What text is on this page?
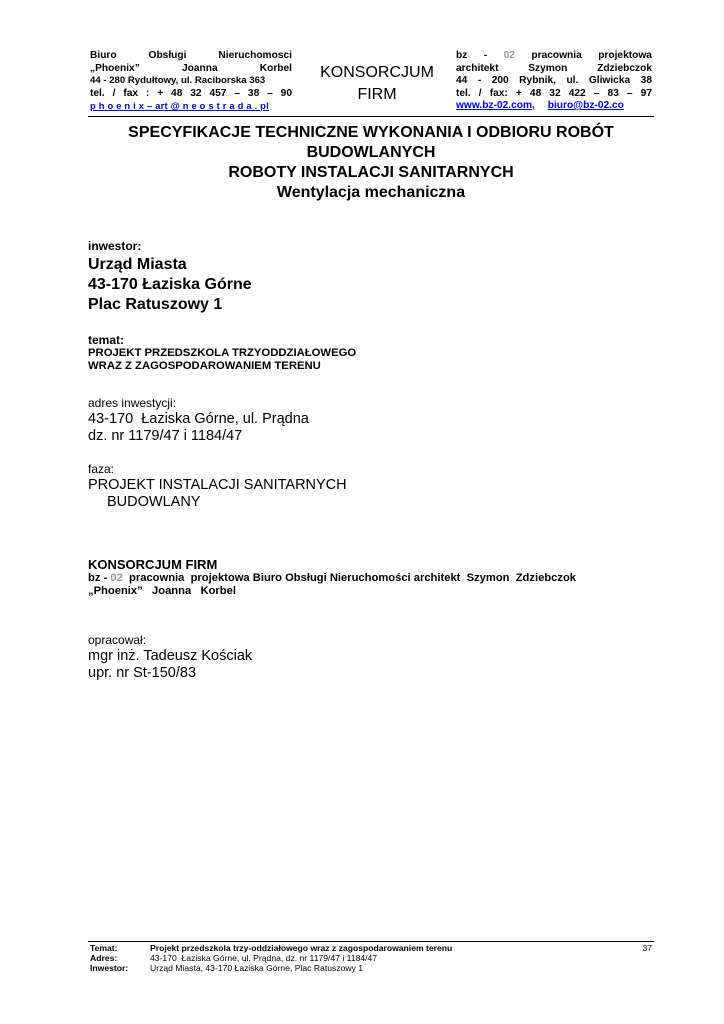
Biuro Obsługi Nieruchomosci
„Phoenix” Joanna Korbel
44 - 280 Rydułtowy, ul. Raciborska 363
tel. / fax : + 48 32 457 – 38 – 90
p h o e n i x – art @ n e o s t r a d a . pl
KONSORCJUM
FIRM
bz - 02 pracownia projektowa
architekt Szymon Zdziebczok
44 - 200 Rybnik, ul. Gliwicka 38
tel. / fax: + 48 32 422 – 83 – 97
www.bz-02.com, biuro@bz-02.co
SPECYFIKACJE TECHNICZNE WYKONANIA I ODBIORU ROBÓT
BUDOWLANYCH
ROBOTY INSTALACJI SANITARNYCH
Wentylacja mechaniczna
inwestor:
Urząd Miasta
43-170 Łaziska Górne
Plac Ratuszowy 1
temat:
PROJEKT PRZEDSZKOLA TRZYODDZIAŁOWEGO
WRAZ Z ZAGOSPODAROWANIEM TERENU
adres inwestycji:
43-170  Łaziska Górne, ul. Prądna
dz. nr 1179/47 i 1184/47
faza:
PROJEKT INSTALACJI SANITARNYCH
BUDOWLANY
KONSORCJUM FIRM
bz - 02 pracownia  projektowa Biuro Obsługi Nieruchomości architekt  Szymon  Zdziebczok
„Phoenix”   Joanna   Korbel
opracował:
mgr inż. Tadeusz Kościak
upr. nr St-150/83
Temat:	Projekt przedszkola trzy-oddziałowego wraz z zagospodarowaniem terenu
Adres:	43-170  Łaziska Górne, ul. Prądna, dz. nr 1179/47 i 1184/47
Inwestor:	Urząd Miasta, 43-170 Łaziska Górne, Plac Ratuszowy 1
37
